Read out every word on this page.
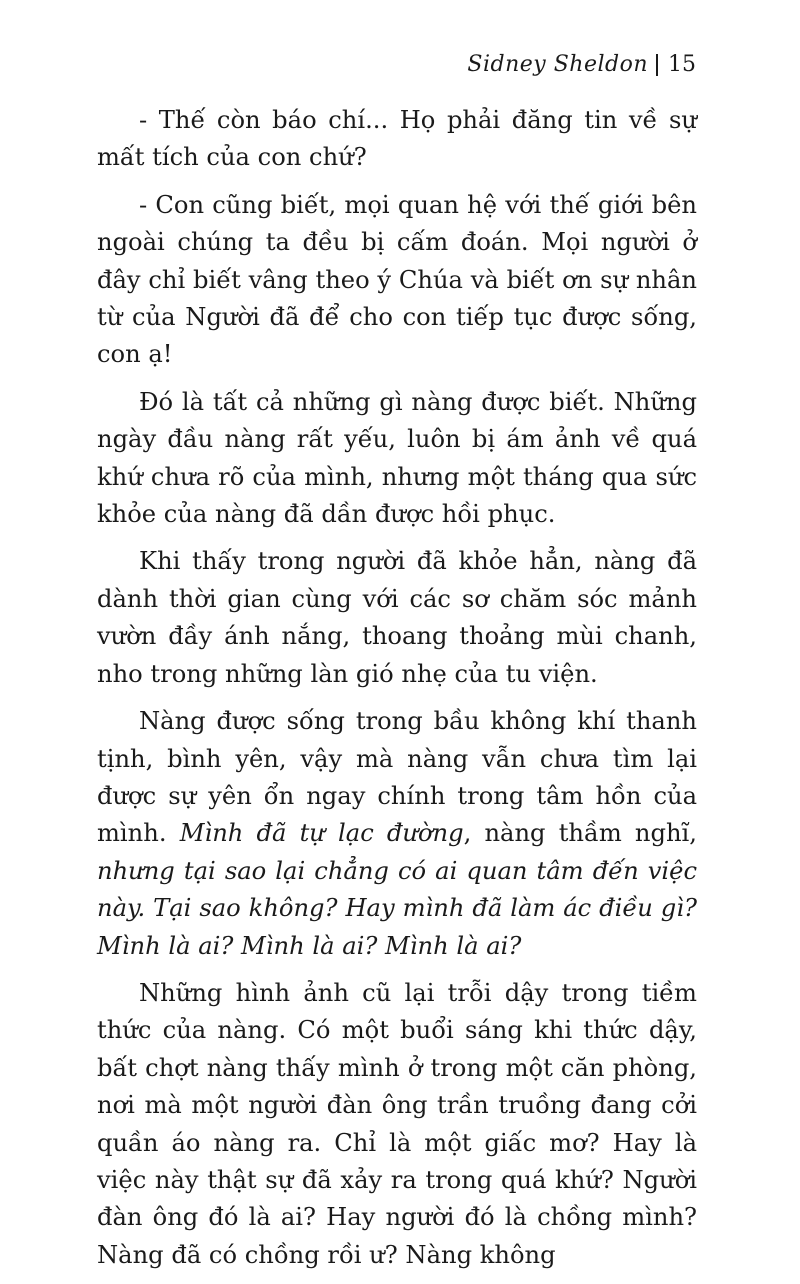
Sidney Sheldon 15

- Thế còn báo chí... Họ phải đăng tin về sự mất tích của con chứ?

- Con cũng biết, mọi quan hệ với thế giới bên ngoài chúng ta đều bị cấm đoán. Mọi người ở đây chỉ biết vâng theo ý Chúa và biết ơn sự nhân từ của Người đã để cho con tiếp tục được sống, con ạ!

Đó là tất cả những gì nàng được biết. Những ngày đầu nàng rất yếu, luôn bị ám ảnh về quá khứ chưa rõ của mình, nhưng một tháng qua sức khỏe của nàng đã dần được hồi phục.

Khi thấy trong người đã khỏe hẳn, nàng đã dành thời gian cùng với các sơ chăm sóc mảnh vườn đầy ánh nắng, thoang thoảng mùi chanh, nho trong những làn gió nhẹ của tu viện.

Nàng được sống trong bầu không khí thanh tịnh, bình yên, vậy mà nàng vẫn chưa tìm lại được sự yên ổn ngay chính trong tâm hồn của mình. Mình đã tự lạc đường, nàng thầm nghĩ, nhưng tại sao lại chẳng có ai quan tâm đến việc này. Tại sao không? Hay mình đã làm ác điều gì? Mình là ai? Mình là ai? Mình là ai?

Những hình ảnh cũ lại trỗi dậy trong tiềm thức của nàng. Có một buổi sáng khi thức dậy, bất chợt nàng thấy mình ở trong một căn phòng, nơi mà một người đàn ông trần truồng đang cởi quần áo nàng ra. Chỉ là một giấc mơ? Hay là việc này thật sự đã xảy ra trong quá khứ? Người đàn ông đó là ai? Hay người đó là chồng mình? Nàng đã có chồng rồi ư? Nàng không
